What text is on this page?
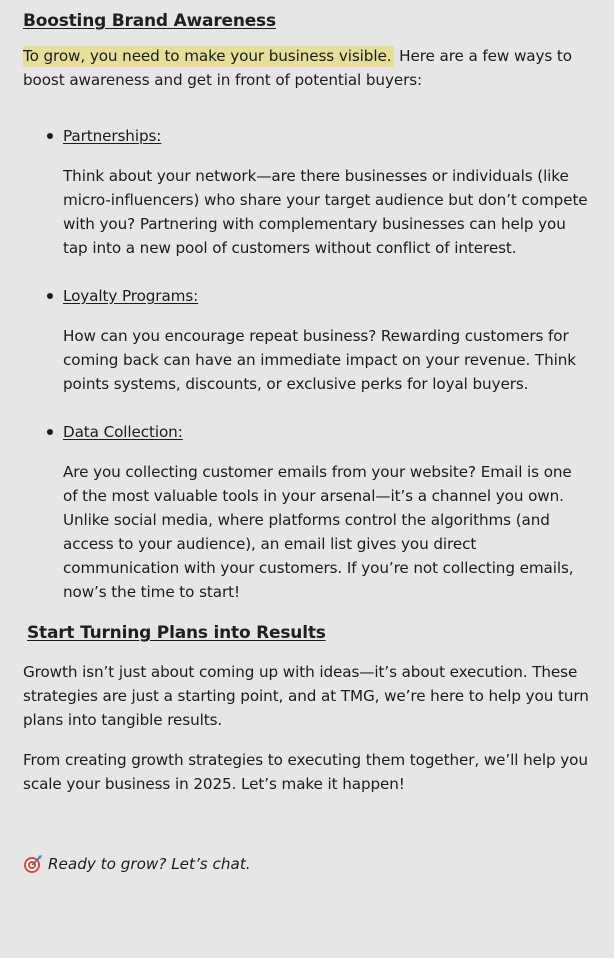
Boosting Brand Awareness

To grow, you need to make your business visible. Here are a few ways to boost awareness and get in front of potential buyers:

Partnerships:

Think about your network—are there businesses or individuals (like micro-influencers) who share your target audience but don’t compete with you? Partnering with complementary businesses can help you tap into a new pool of customers without conflict of interest.

Loyalty Programs:

How can you encourage repeat business? Rewarding customers for coming back can have an immediate impact on your revenue. Think points systems, discounts, or exclusive perks for loyal buyers.

Data Collection:

Are you collecting customer emails from your website? Email is one of the most valuable tools in your arsenal—it’s a channel you own. Unlike social media, where platforms control the algorithms (and access to your audience), an email list gives you direct communication with your customers. If you’re not collecting emails, now’s the time to start!

Start Turning Plans into Results

Growth isn’t just about coming up with ideas—it’s about execution. These strategies are just a starting point, and at TMG, we’re here to help you turn plans into tangible results.

From creating growth strategies to executing them together, we’ll help you scale your business in 2025. Let’s make it happen!

Ready to grow? Let’s chat.
